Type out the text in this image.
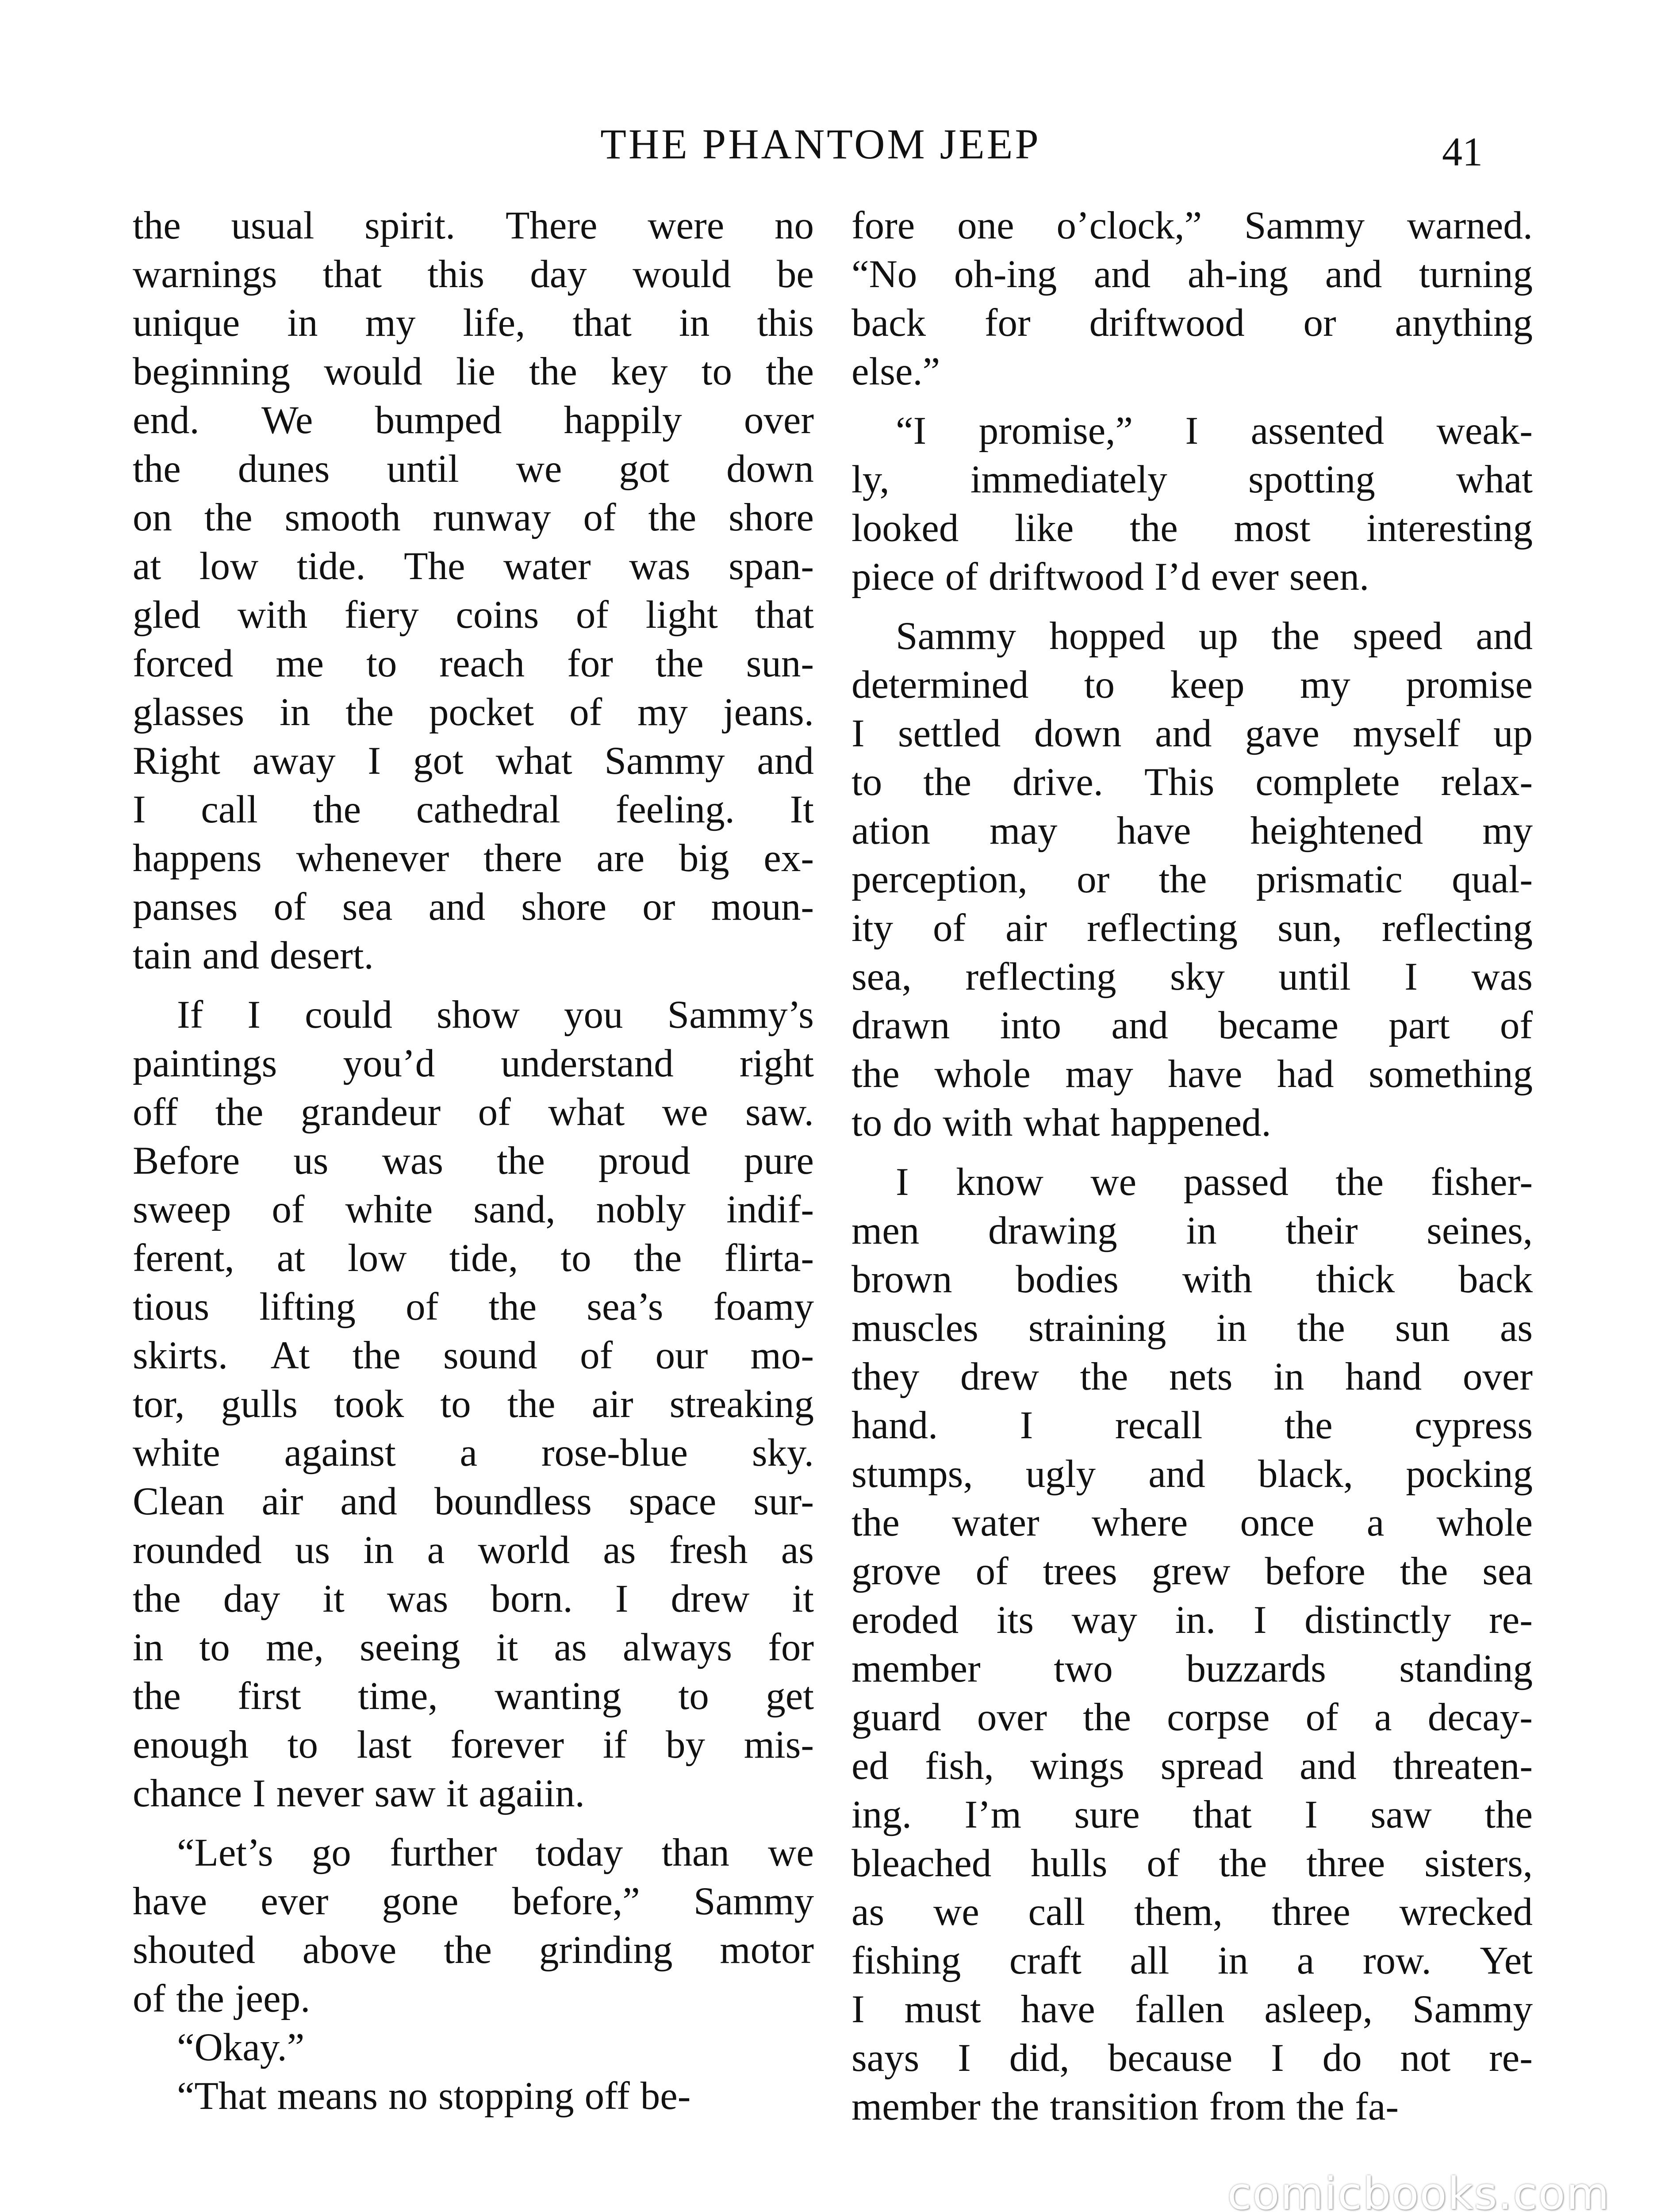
THE PHANTOM JEEP	41
the usual spirit. There were no
warnings that this day would be
unique in my life, that in this
beginning would lie the key to the
end. We bumped happily over
the dunes until we got down
on the smooth runway of the shore
at low tide. The water was span-
gled with fiery coins of light that
forced me to reach for the sun-
glasses in the pocket of my jeans.
Right away I got what Sammy and
I call the cathedral feeling. It
happens whenever there are big ex-
panses of sea and shore or moun-
tain and desert.
If I could show you Sammy’s
paintings you’d understand right
off the grandeur of what we saw.
Before us was the proud pure
sweep of white sand, nobly indif-
ferent, at low tide, to the flirta-
tious lifting of the sea’s foamy
skirts. At the sound of our mo-
tor, gulls took to the air streaking
white against a rose-blue sky.
Clean air and boundless space sur-
rounded us in a world as fresh as
the day it was born. I drew it
in to me, seeing it as always for
the first time, wanting to get
enough to last forever if by mis-
chance I never saw it agaiin.
“Let’s go further today than we
have ever gone before,” Sammy
shouted above the grinding motor
of the jeep.
“Okay.”
“That means no stopping off be-
fore one o’clock,” Sammy warned.
“No oh-ing and ah-ing and turning
back for driftwood or anything
else.”
“I promise,” I assented weak-
ly, immediately spotting what
looked like the most interesting
piece of driftwood I’d ever seen.
Sammy hopped up the speed and
determined to keep my promise
I settled down and gave myself up
to the drive. This complete relax-
ation may have heightened my
perception, or the prismatic qual-
ity of air reflecting sun, reflecting
sea, reflecting sky until I was
drawn into and became part of
the whole may have had something
to do with what happened.
I know we passed the fisher-
men drawing in their seines,
brown bodies with thick back
muscles straining in the sun as
they drew the nets in hand over
hand. I recall the cypress
stumps, ugly and black, pocking
the water where once a whole
grove of trees grew before the sea
eroded its way in. I distinctly re-
member two buzzards standing
guard over the corpse of a decay-
ed fish, wings spread and threaten-
ing. I’m sure that I saw the
bleached hulls of the three sisters,
as we call them, three wrecked
fishing craft all in a row. Yet
I must have fallen asleep, Sammy
says I did, because I do not re-
member the transition from the fa-
comicbooks.com
